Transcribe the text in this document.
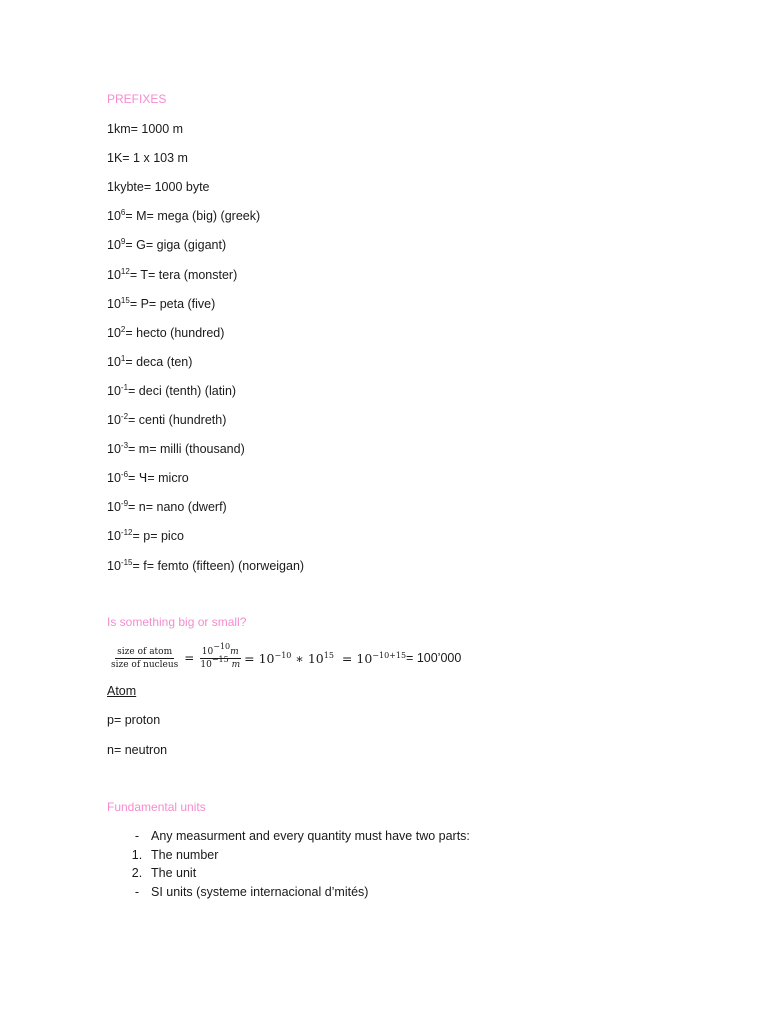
PREFIXES
1km= 1000 m
1K= 1 x 103 m
1kybte= 1000 byte
$10^6= M=$ mega (big) (greek)
$10^9= G=$ giga (gigant)
$10^{12}= T=$ tera (monster)
$10^{15}= P=$ peta (five)
$10^2=$ hecto (hundred)
$10^1=$ deca (ten)
$10^{-1}=$ deci (tenth) (latin)
$10^{-2}=$ centi (hundreth)
$10^{-3}= m=$ milli (thousand)
$10^{-6}=$ Ɥ= micro
$10^{-9}= n=$ nano (dwerf)
$10^{-12}= p=$ pico
$10^{-15}= f=$ femto (fifteen) (norweigan)
Is something big or small?
$\frac{\text{size of atom}}{\text{size of nucleus}} = \frac{10^{-10}m}{10^{-15} m} = 10^{-10}$ ∗ $10^{15} = 10^{-10+15}$ = 100’000
Atom
p= proton
n= neutron
Fundamental units
- Any measurment and every quantity must have two parts:
1. The number
2. The unit
- SI units (systeme internacional d’mités)
